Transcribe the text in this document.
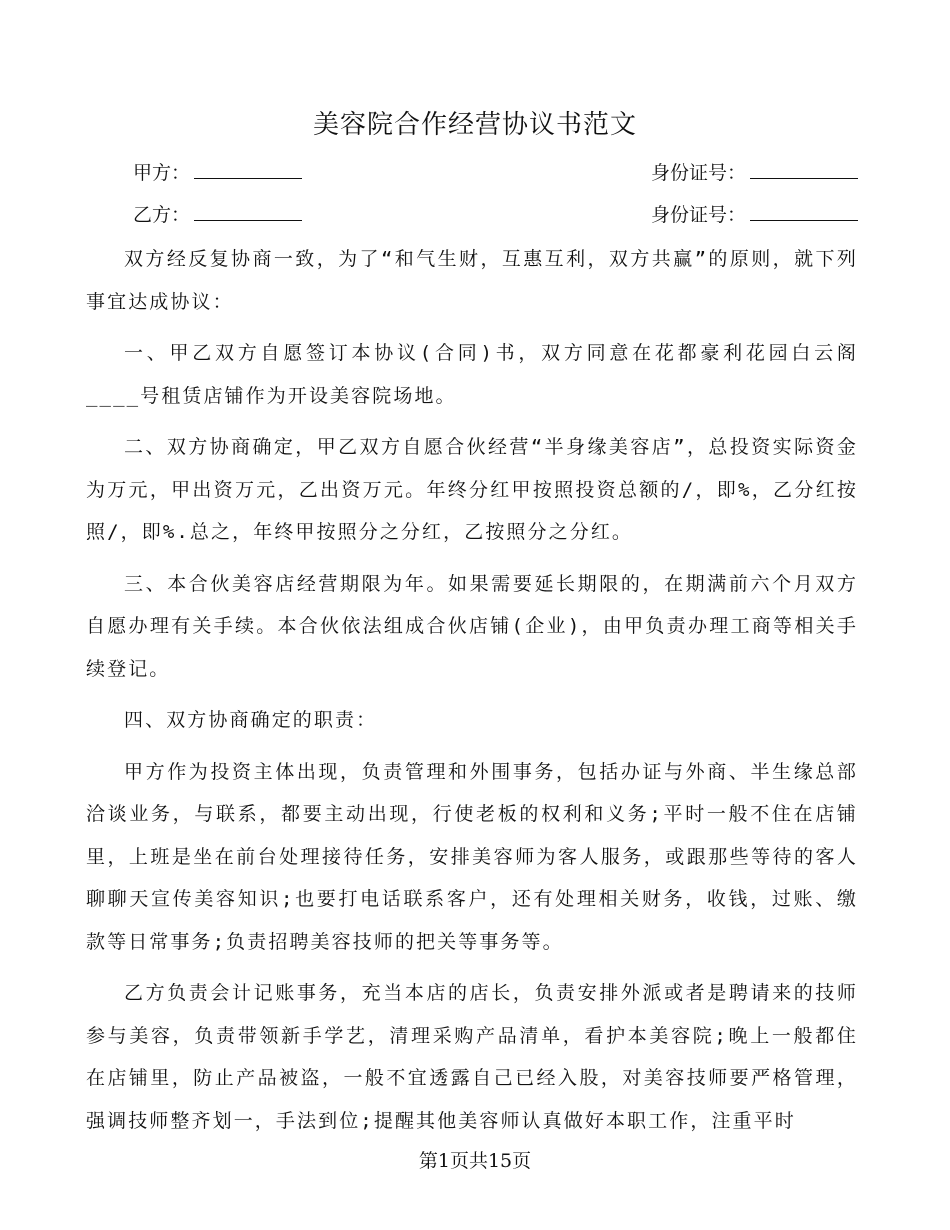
美容院合作经营协议书范文
甲方：	身份证号：
乙方：	身份证号：

双方经反复协商一致，为了“和气生财，互惠互利，双方共赢”的原则，就下列事宜达成协议：

一、甲乙双方自愿签订本协议(合同)书，双方同意在花都豪利花园白云阁____号租赁店铺作为开设美容院场地。

二、双方协商确定，甲乙双方自愿合伙经营“半身缘美容店”，总投资实际资金为万元，甲出资万元，乙出资万元。年终分红甲按照投资总额的/，即%，乙分红按照/，即%.总之，年终甲按照分之分红，乙按照分之分红。

三、本合伙美容店经营期限为年。如果需要延长期限的，在期满前六个月双方自愿办理有关手续。本合伙依法组成合伙店铺(企业)，由甲负责办理工商等相关手续登记。

四、双方协商确定的职责：

甲方作为投资主体出现，负责管理和外围事务，包括办证与外商、半生缘总部洽谈业务，与联系，都要主动出现，行使老板的权利和义务;平时一般不住在店铺里，上班是坐在前台处理接待任务，安排美容师为客人服务，或跟那些等待的客人聊聊天宣传美容知识;也要打电话联系客户，还有处理相关财务，收钱，过账、缴款等日常事务;负责招聘美容技师的把关等事务等。

乙方负责会计记账事务，充当本店的店长，负责安排外派或者是聘请来的技师参与美容，负责带领新手学艺，清理采购产品清单，看护本美容院;晚上一般都住在店铺里，防止产品被盗，一般不宜透露自己已经入股，对美容技师要严格管理，强调技师整齐划一，手法到位;提醒其他美容师认真做好本职工作，注重平时

第1页共15页
